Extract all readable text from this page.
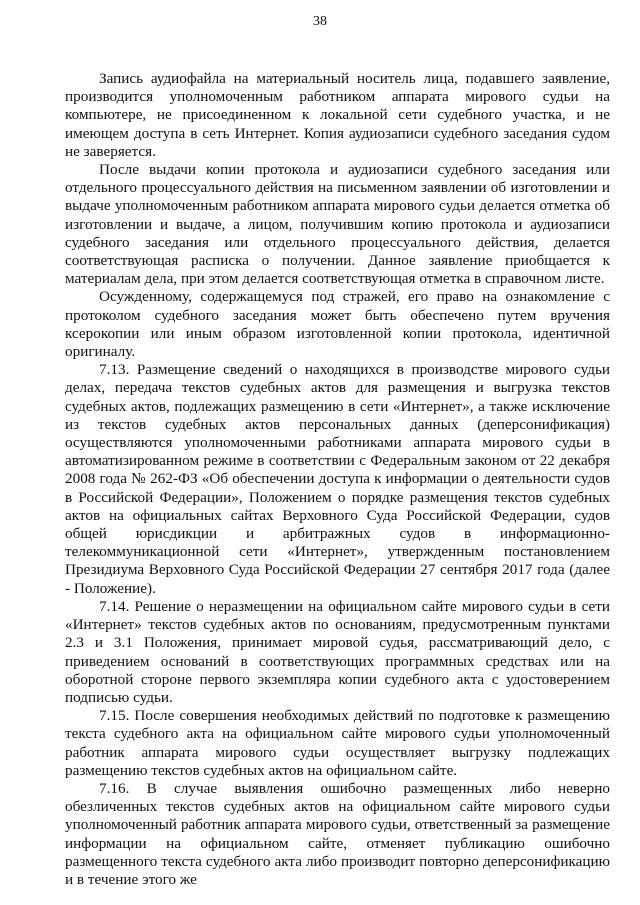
38

Запись аудиофайла на материальный носитель лица, подавшего заявление, производится уполномоченным работником аппарата мирового судьи на компьютере, не присоединенном к локальной сети судебного участка, и не имеющем доступа в сеть Интернет. Копия аудиозаписи судебного заседания судом не заверяется.

После выдачи копии протокола и аудиозаписи судебного заседания или отдельного процессуального действия на письменном заявлении об изготовлении и выдаче уполномоченным работником аппарата мирового судьи делается отметка об изготовлении и выдаче, а лицом, получившим копию протокола и аудиозаписи судебного заседания или отдельного процессуального действия, делается соответствующая расписка о получении. Данное заявление приобщается к материалам дела, при этом делается соответствующая отметка в справочном листе.

Осужденному, содержащемуся под стражей, его право на ознакомление с протоколом судебного заседания может быть обеспечено путем вручения ксерокопии или иным образом изготовленной копии протокола, идентичной оригиналу.

7.13. Размещение сведений о находящихся в производстве мирового судьи делах, передача текстов судебных актов для размещения и выгрузка текстов судебных актов, подлежащих размещению в сети «Интернет», а также исключение из текстов судебных актов персональных данных (деперсонификация) осуществляются уполномоченными работниками аппарата мирового судьи в автоматизированном режиме в соответствии с Федеральным законом от 22 декабря 2008 года № 262-ФЗ «Об обеспечении доступа к информации о деятельности судов в Российской Федерации», Положением о порядке размещения текстов судебных актов на официальных сайтах Верховного Суда Российской Федерации, судов общей юрисдикции и арбитражных судов в информационно-телекоммуникационной сети «Интернет», утвержденным постановлением Президиума Верховного Суда Российской Федерации 27 сентября 2017 года (далее - Положение).

7.14. Решение о неразмещении на официальном сайте мирового судьи в сети «Интернет» текстов судебных актов по основаниям, предусмотренным пунктами 2.3 и 3.1 Положения, принимает мировой судья, рассматривающий дело, с приведением оснований в соответствующих программных средствах или на оборотной стороне первого экземпляра копии судебного акта с удостоверением подписью судьи.

7.15. После совершения необходимых действий по подготовке к размещению текста судебного акта на официальном сайте мирового судьи уполномоченный работник аппарата мирового судьи осуществляет выгрузку подлежащих размещению текстов судебных актов на официальном сайте.

7.16. В случае выявления ошибочно размещенных либо неверно обезличенных текстов судебных актов на официальном сайте мирового судьи уполномоченный работник аппарата мирового судьи, ответственный за размещение информации на официальном сайте, отменяет публикацию ошибочно размещенного текста судебного акта либо производит повторно деперсонификацию и в течение этого же
